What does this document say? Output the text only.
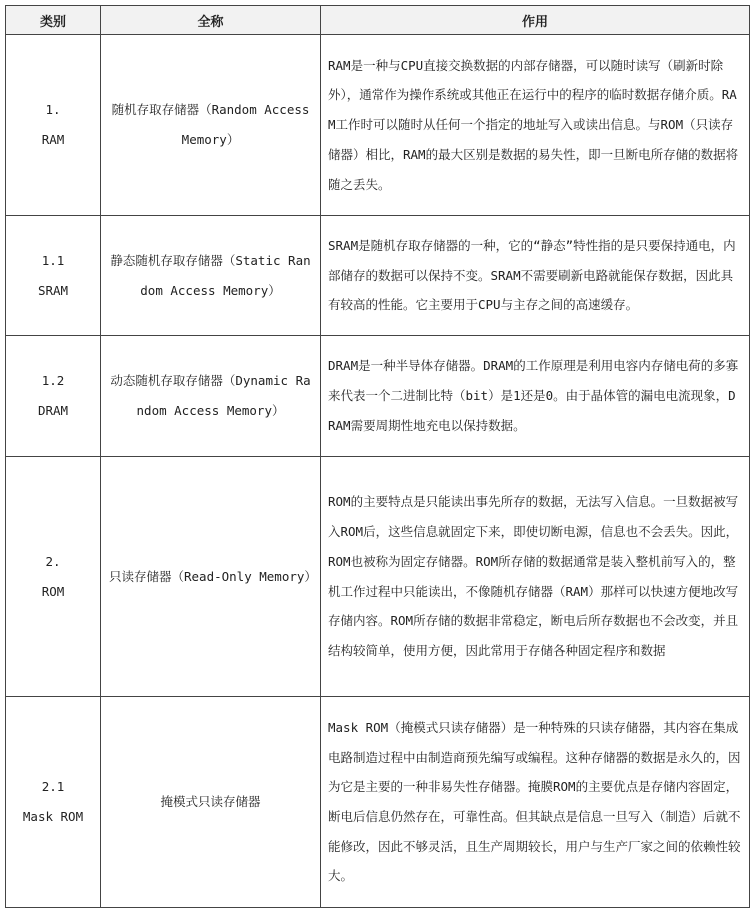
类别	全称	作用

1.
RAM	随机存取存储器（Random Access Memory）	RAM是一种与CPU直接交换数据的内部存储器，可以随时读写（刷新时除外），通常作为操作系统或其他正在运行中的程序的临时数据存储介质。RAM工作时可以随时从任何一个指定的地址写入或读出信息。与ROM（只读存储器）相比，RAM的最大区别是数据的易失性，即一旦断电所存储的数据将随之丢失。

1.1
SRAM	静态随机存取存储器（Static Random Access Memory）	SRAM是随机存取存储器的一种，它的“静态”特性指的是只要保持通电，内部储存的数据可以保持不变。SRAM不需要刷新电路就能保存数据，因此具有较高的性能。它主要用于CPU与主存之间的高速缓存。

1.2
DRAM	动态随机存取存储器（Dynamic Random Access Memory）	DRAM是一种半导体存储器。DRAM的工作原理是利用电容内存储电荷的多寡来代表一个二进制比特（bit）是1还是0。由于晶体管的漏电电流现象，DRAM需要周期性地充电以保持数据。

2.
ROM	只读存储器（Read-Only Memory）	ROM的主要特点是只能读出事先所存的数据，无法写入信息。一旦数据被写入ROM后，这些信息就固定下来，即使切断电源，信息也不会丢失。因此，ROM也被称为固定存储器。ROM所存储的数据通常是装入整机前写入的，整机工作过程中只能读出，不像随机存储器（RAM）那样可以快速方便地改写存储内容。ROM所存储的数据非常稳定，断电后所存数据也不会改变，并且结构较简单，使用方便，因此常用于存储各种固定程序和数据

2.1
Mask ROM	掩模式只读存储器	Mask ROM（掩模式只读存储器）是一种特殊的只读存储器，其内容在集成电路制造过程中由制造商预先编写或编程。这种存储器的数据是永久的，因为它是主要的一种非易失性存储器。掩膜ROM的主要优点是存储内容固定，断电后信息仍然存在，可靠性高。但其缺点是信息一旦写入（制造）后就不能修改，因此不够灵活，且生产周期较长，用户与生产厂家之间的依赖性较大。
